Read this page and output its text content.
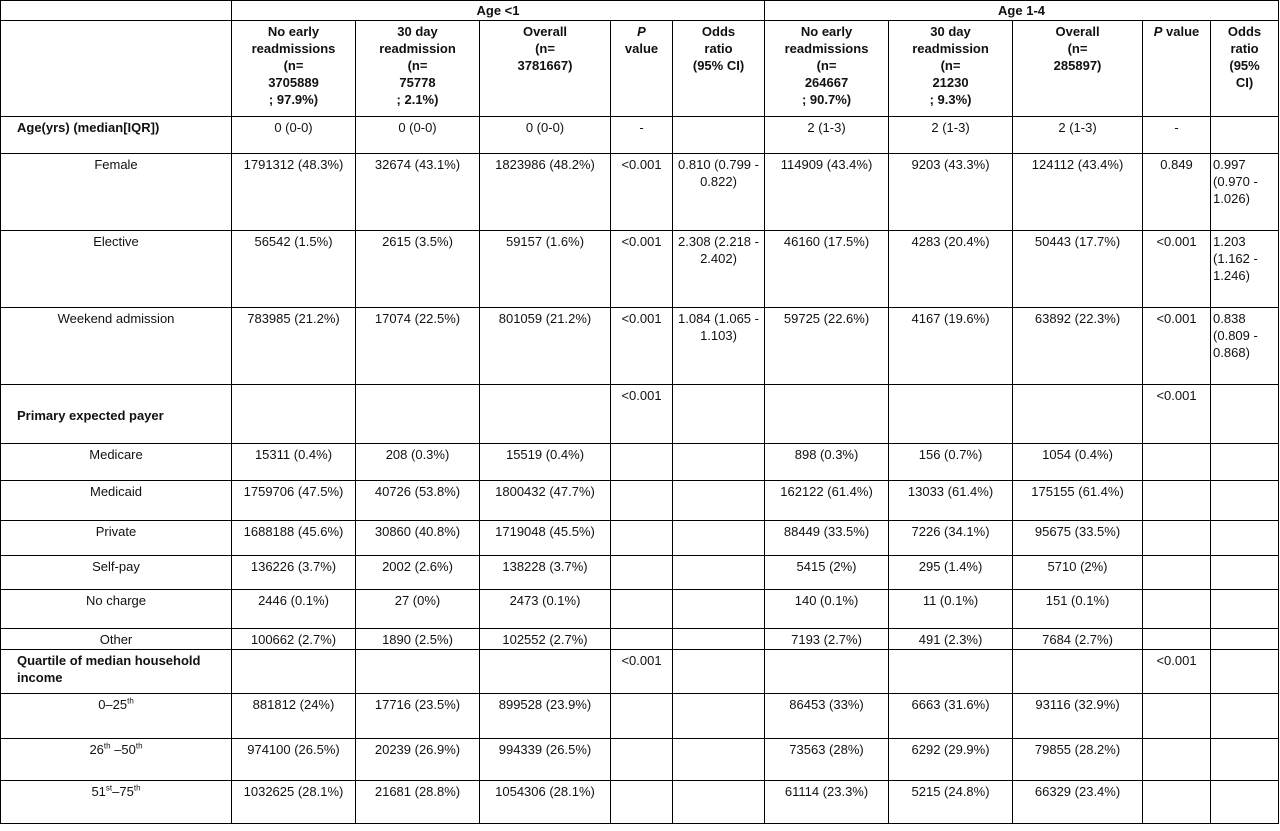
	Age <1					Age 1-4				
	No early
readmissions
(n=
3705889
; 97.9%)	30 day
readmission
(n=
75778
; 2.1%)	Overall
(n=
3781667)	P
value	Odds
ratio
(95% CI)	No early
readmissions
(n=
264667
; 90.7%)	30 day
readmission
(n=
21230
; 9.3%)	Overall
(n=
285897)	P value	Odds
ratio
(95%
CI)
Age(yrs) (median[IQR])	0 (0-0)	0 (0-0)	0 (0-0)	-		2 (1-3)	2 (1-3)	2 (1-3)	-	
Female	1791312 (48.3%)	32674 (43.1%)	1823986 (48.2%)	<0.001	0.810 (0.799 - 0.822)	114909 (43.4%)	9203 (43.3%)	124112 (43.4%)	0.849	0.997 (0.970 - 1.026)
Elective	56542 (1.5%)	2615 (3.5%)	59157 (1.6%)	<0.001	2.308 (2.218 - 2.402)	46160 (17.5%)	4283 (20.4%)	50443 (17.7%)	<0.001	1.203 (1.162 - 1.246)
Weekend admission	783985 (21.2%)	17074 (22.5%)	801059 (21.2%)	<0.001	1.084 (1.065 - 1.103)	59725 (22.6%)	4167 (19.6%)	63892 (22.3%)	<0.001	0.838 (0.809 - 0.868)
Primary expected payer				<0.001					<0.001	
Medicare	15311 (0.4%)	208 (0.3%)	15519 (0.4%)			898 (0.3%)	156 (0.7%)	1054 (0.4%)		
Medicaid	1759706 (47.5%)	40726 (53.8%)	1800432 (47.7%)			162122 (61.4%)	13033 (61.4%)	175155 (61.4%)		
Private	1688188 (45.6%)	30860 (40.8%)	1719048 (45.5%)			88449 (33.5%)	7226 (34.1%)	95675 (33.5%)		
Self-pay	136226 (3.7%)	2002 (2.6%)	138228 (3.7%)			5415 (2%)	295 (1.4%)	5710 (2%)		
No charge	2446 (0.1%)	27 (0%)	2473 (0.1%)			140 (0.1%)	11 (0.1%)	151 (0.1%)		
Other	100662 (2.7%)	1890 (2.5%)	102552 (2.7%)			7193 (2.7%)	491 (2.3%)	7684 (2.7%)		
Quartile of median household income				<0.001					<0.001	
0–25th	881812 (24%)	17716 (23.5%)	899528 (23.9%)			86453 (33%)	6663 (31.6%)	93116 (32.9%)		
26th –50th	974100 (26.5%)	20239 (26.9%)	994339 (26.5%)			73563 (28%)	6292 (29.9%)	79855 (28.2%)		
51st–75th	1032625 (28.1%)	21681 (28.8%)	1054306 (28.1%)			61114 (23.3%)	5215 (24.8%)	66329 (23.4%)		
